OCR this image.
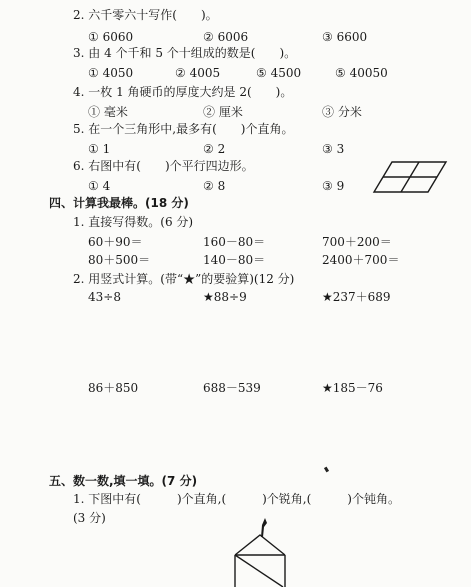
2. 六千零六十写作(　　)。
① 6060	② 6006	③ 6600
3. 由 4 个千和 5 个十组成的数是(　　)。
① 4050	② 4005	⑤ 4500	⑤ 40050
4. 一枚 1 角硬币的厚度大约是 2(　　)。
① 毫米	② 厘米	③ 分米
5. 在一个三角形中,最多有(　　)个直角。
① 1	② 2	③ 3
6. 右图中有(　　)个平行四边形。
① 4	② 8	③ 9
四、计算我最棒。(18 分)
1. 直接写得数。(6 分)
60＋90＝	160－80＝	700＋200＝
80＋500＝	140－80＝	2400＋700＝
2. 用竖式计算。(带“★”的要验算)(12 分)
43÷8	★88÷9	★237＋689
86＋850	688－539	★185－76
五、数一数,填一填。(7 分)
1. 下图中有(　　　)个直角,(　　　)个锐角,(　　　)个钝角。
(3 分)
